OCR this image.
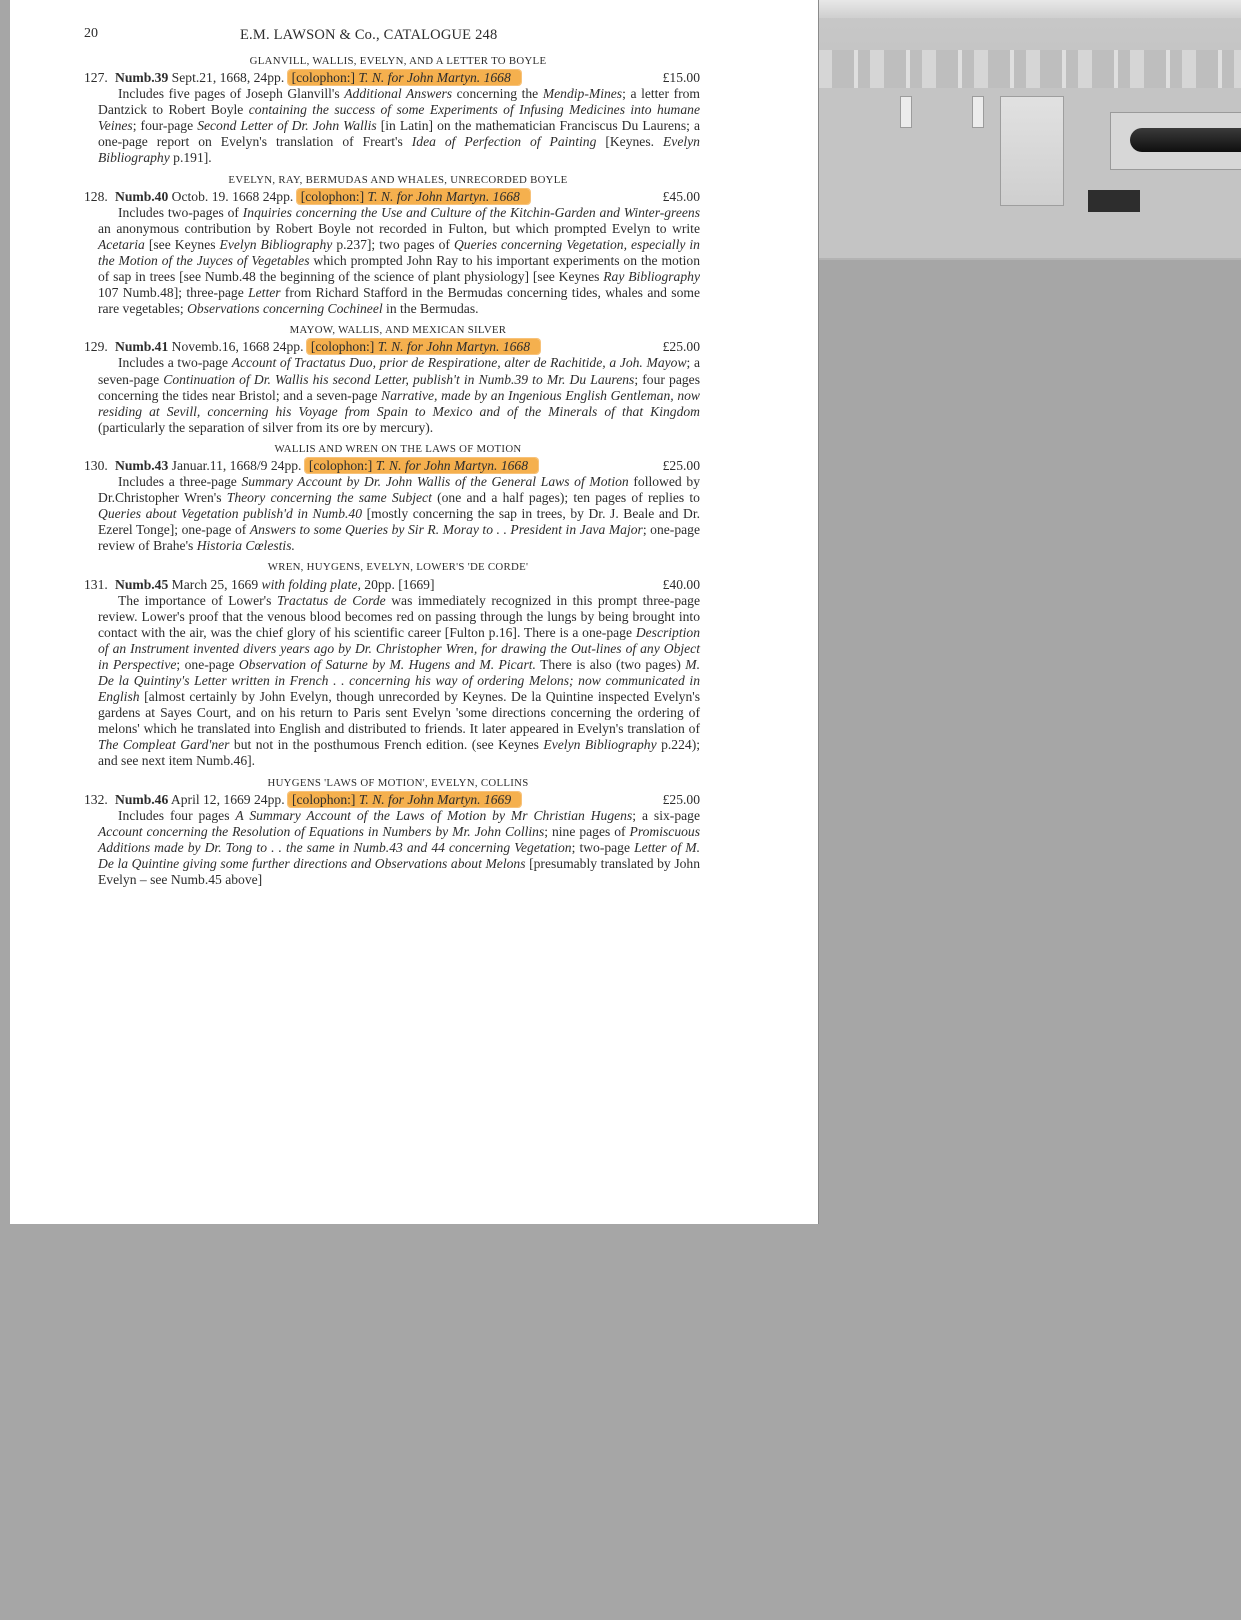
20	E.M. LAWSON & Co., CATALOGUE 248
GLANVILL, WALLIS, EVELYN, AND A LETTER TO BOYLE
127. Numb.39 Sept.21, 1668, 24pp. [colophon:] T. N. for John Martyn. 1668	£15.00

Includes five pages of Joseph Glanvill's Additional Answers concerning the Mendip-Mines; a letter from Dantzick to Robert Boyle containing the success of some Experiments of Infusing Medicines into humane Veines; four-page Second Letter of Dr. John Wallis [in Latin] on the mathematician Franciscus Du Laurens; a one-page report on Evelyn's translation of Freart's Idea of Perfection of Painting [Keynes. Evelyn Bibliography p.191].

EVELYN, RAY, BERMUDAS AND WHALES, UNRECORDED BOYLE
128. Numb.40 Octob. 19. 1668 24pp. [colophon:] T. N. for John Martyn. 1668	£45.00

Includes two-pages of Inquiries concerning the Use and Culture of the Kitchin-Garden and Winter-greens an anonymous contribution by Robert Boyle not recorded in Fulton, but which prompted Evelyn to write Acetaria [see Keynes Evelyn Bibliography p.237]; two pages of Queries concerning Vegetation, especially in the Motion of the Juyces of Vegetables which prompted John Ray to his important experiments on the motion of sap in trees [see Numb.48 the beginning of the science of plant physiology] [see Keynes Ray Bibliography 107 Numb.48]; three-page Letter from Richard Stafford in the Bermudas concerning tides, whales and some rare vegetables; Observations concerning Cochineel in the Bermudas.

MAYOW, WALLIS, AND MEXICAN SILVER
129. Numb.41 Novemb.16, 1668 24pp. [colophon:] T. N. for John Martyn. 1668	£25.00

Includes a two-page Account of Tractatus Duo, prior de Respiratione, alter de Rachitide, a Joh. Mayow; a seven-page Continuation of Dr. Wallis his second Letter, publish't in Numb.39 to Mr. Du Laurens; four pages concerning the tides near Bristol; and a seven-page Narrative, made by an Ingenious English Gentleman, now residing at Sevill, concerning his Voyage from Spain to Mexico and of the Minerals of that Kingdom (particularly the separation of silver from its ore by mercury).

WALLIS AND WREN ON THE LAWS OF MOTION
130. Numb.43 Januar.11, 1668/9 24pp. [colophon:] T. N. for John Martyn. 1668	£25.00

Includes a three-page Summary Account by Dr. John Wallis of the General Laws of Motion followed by Dr.Christopher Wren's Theory concerning the same Subject (one and a half pages); ten pages of replies to Queries about Vegetation publish'd in Numb.40 [mostly concerning the sap in trees, by Dr. J. Beale and Dr. Ezerel Tonge]; one-page of Answers to some Queries by Sir R. Moray to . . President in Java Major; one-page review of Brahe's Historia Cœlestis.

WREN, HUYGENS, EVELYN, LOWER'S 'DE CORDE'
131. Numb.45 March 25, 1669 with folding plate, 20pp. [1669]	£40.00

The importance of Lower's Tractatus de Corde was immediately recognized in this prompt three-page review. Lower's proof that the venous blood becomes red on passing through the lungs by being brought into contact with the air, was the chief glory of his scientific career [Fulton p.16]. There is a one-page Description of an Instrument invented divers years ago by Dr. Christopher Wren, for drawing the Out-lines of any Object in Perspective; one-page Observation of Saturne by M. Hugens and M. Picart. There is also (two pages) M. De la Quintiny's Letter written in French . . concerning his way of ordering Melons; now communicated in English [almost certainly by John Evelyn, though unrecorded by Keynes. De la Quintine inspected Evelyn's gardens at Sayes Court, and on his return to Paris sent Evelyn 'some directions concerning the ordering of melons' which he translated into English and distributed to friends. It later appeared in Evelyn's translation of The Compleat Gard'ner but not in the posthumous French edition. (see Keynes Evelyn Bibliography p.224); and see next item Numb.46].

HUYGENS 'LAWS OF MOTION', EVELYN, COLLINS
132. Numb.46 April 12, 1669 24pp. [colophon:] T. N. for John Martyn. 1669	£25.00

Includes four pages A Summary Account of the Laws of Motion by Mr Christian Hugens; a six-page Account concerning the Resolution of Equations in Numbers by Mr. John Collins; nine pages of Promiscuous Additions made by Dr. Tong to . . the same in Numb.43 and 44 concerning Vegetation; two-page Letter of M. De la Quintine giving some further directions and Observations about Melons [presumably translated by John Evelyn – see Numb.45 above]
